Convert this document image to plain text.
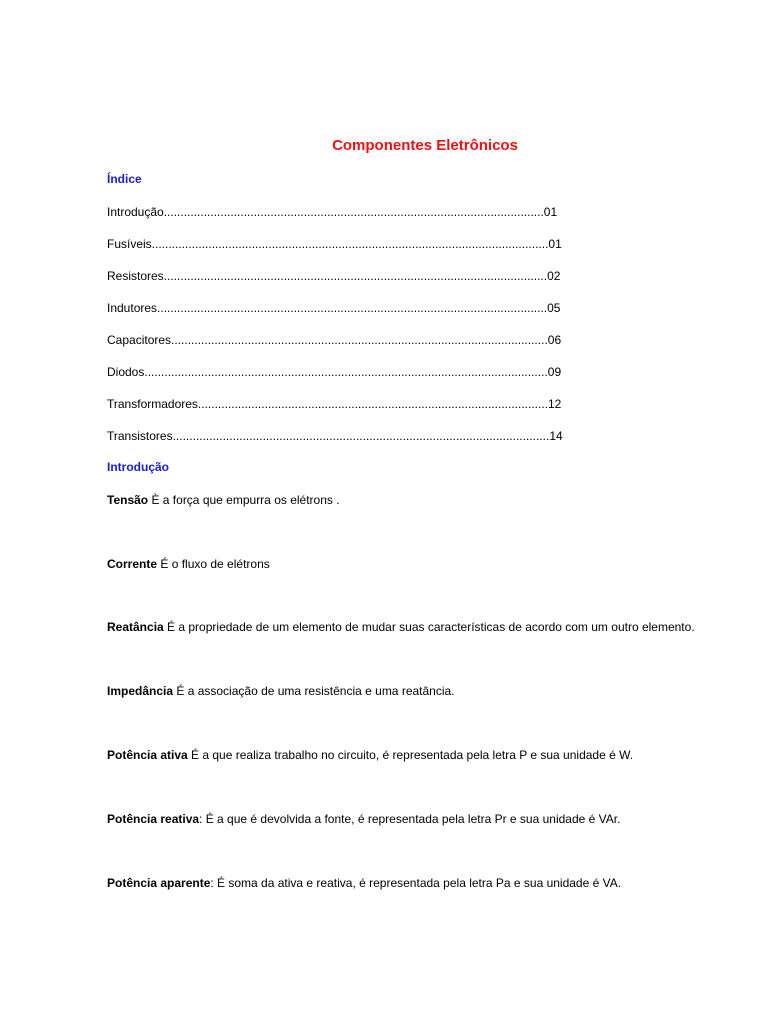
Componentes Eletrônicos
Índice
Introdução..................................................................................................................01
Fusíveis.......................................................................................................................01
Resistores...................................................................................................................02
Indutores.....................................................................................................................05
Capacitores.................................................................................................................06
Diodos.........................................................................................................................09
Transformadores.........................................................................................................12
Transistores.................................................................................................................14
Introdução
Tensão È a força que empurra os elétrons .
Corrente É o fluxo de elétrons
Reatância É a propriedade de um elemento de mudar suas características de acordo com um outro elemento.
Impedância É a associação de uma resistência e uma reatância.
Potência ativa É a que realiza trabalho no circuito, é representada pela letra P e sua unidade é W.
Potência reativa: É a que é devolvida a fonte, é representada pela letra Pr e sua unidade é VAr.
Potência aparente: É soma da ativa e reativa, é representada pela letra Pa e sua unidade é VA.
